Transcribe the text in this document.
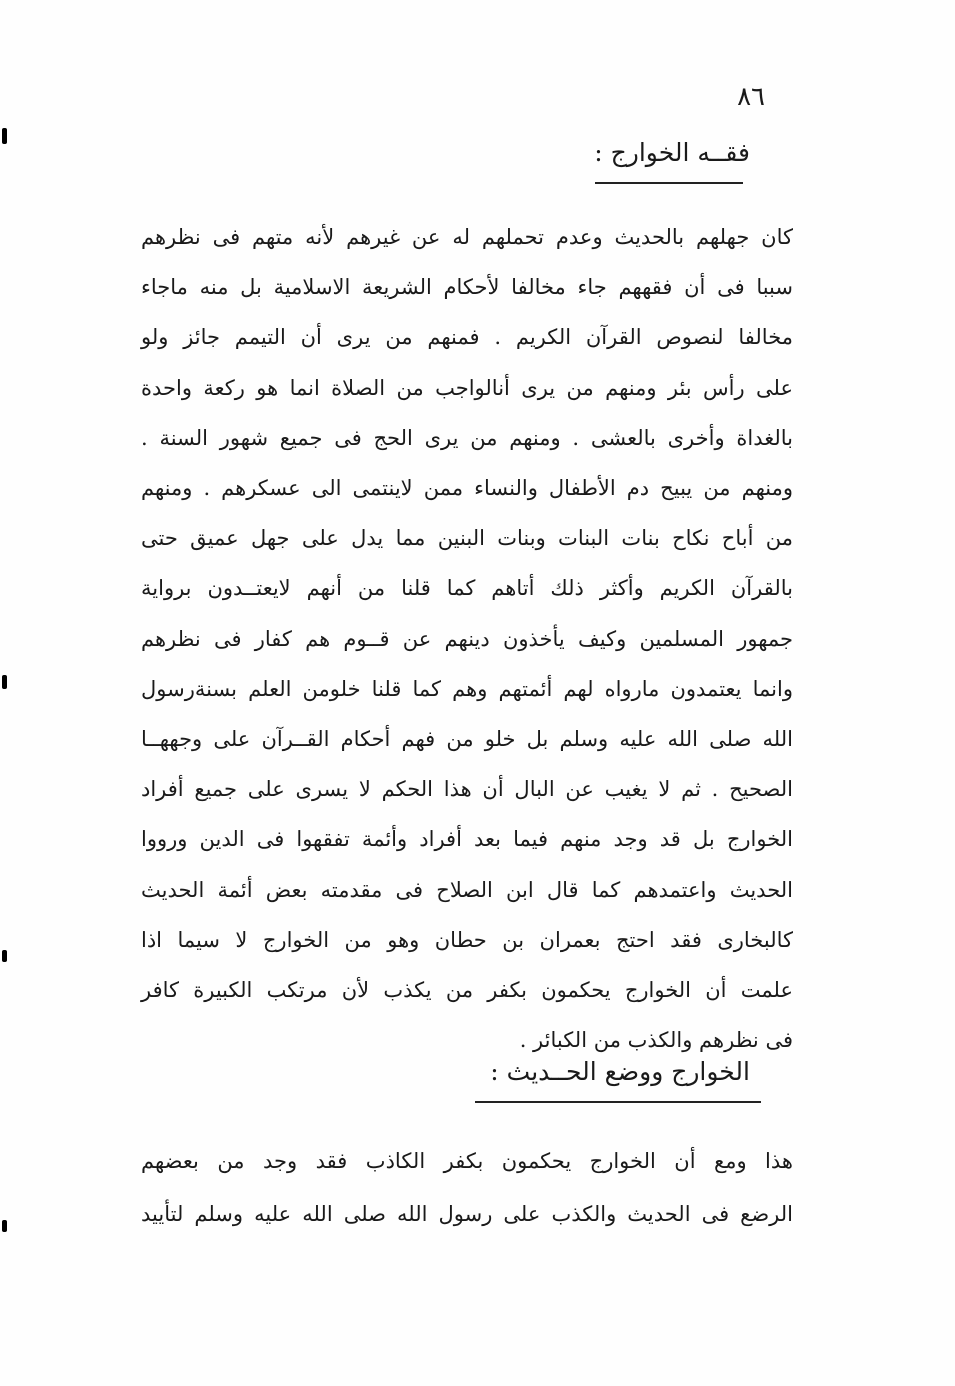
٨٦
فقــه الخوارج :

كان جهلهم بالحديث وعدم تحملهم له عن غيرهم لأنه متهم فى نظرهم
سببا فى أن فقههم جاء مخالفا لأحكام الشريعة الاسلامية بل منه ماجاء
مخالفا لنصوص القرآن الكريم . فمنهم من يرى أن التيمم جائز ولو
على رأس بئر ومنهم من يرى أنالواجب من الصلاة انما هو ركعة واحدة
بالغداة وأخرى بالعشى . ومنهم من يرى الحج فى جميع شهور السنة .
ومنهم من يبيح دم الأطفال والنساء ممن لاينتمى الى عسكرهم . ومنهم
من أباح نكاح بنات البنات وبنات البنين مما يدل على جهل عميق حتى
بالقرآن الكريم وأكثر ذلك أتاهم كما قلنا من أنهم لايعتــدون برواية
جمهور المسلمين وكيف يأخذون دينهم عن قــوم هم كفار فى نظرهم
وانما يعتمدون مارواه لهم أئمتهم وهم كما قلنا خلومن العلم بسنةرسول
الله صلى الله عليه وسلم بل خلو من فهم أحكام القــرآن على وجههــا
الصحيح . ثم لا يغيب عن البال أن هذا الحكم لا يسرى على جميع أفراد
الخوارج بل قد وجد منهم فيما بعد أفراد وأئمة تفقهوا فى الدين ورووا
الحديث واعتمدهم كما قال ابن الصلاح فى مقدمته بعض أئمة الحديث
كالبخارى فقد احتج بعمران بن حطان وهو من الخوارج لا سيما اذا
علمت أن الخوارج يحكمون بكفر من يكذب لأن مرتكب الكبيرة كافر
فى نظرهم والكذب من الكبائر .

الخوارج ووضع الحــديث :

هذا ومع أن الخوارج يحكمون بكفر الكاذب فقد وجد من بعضهم
الرضع فى الحديث والكذب على رسول الله صلى الله عليه وسلم لتأييد
